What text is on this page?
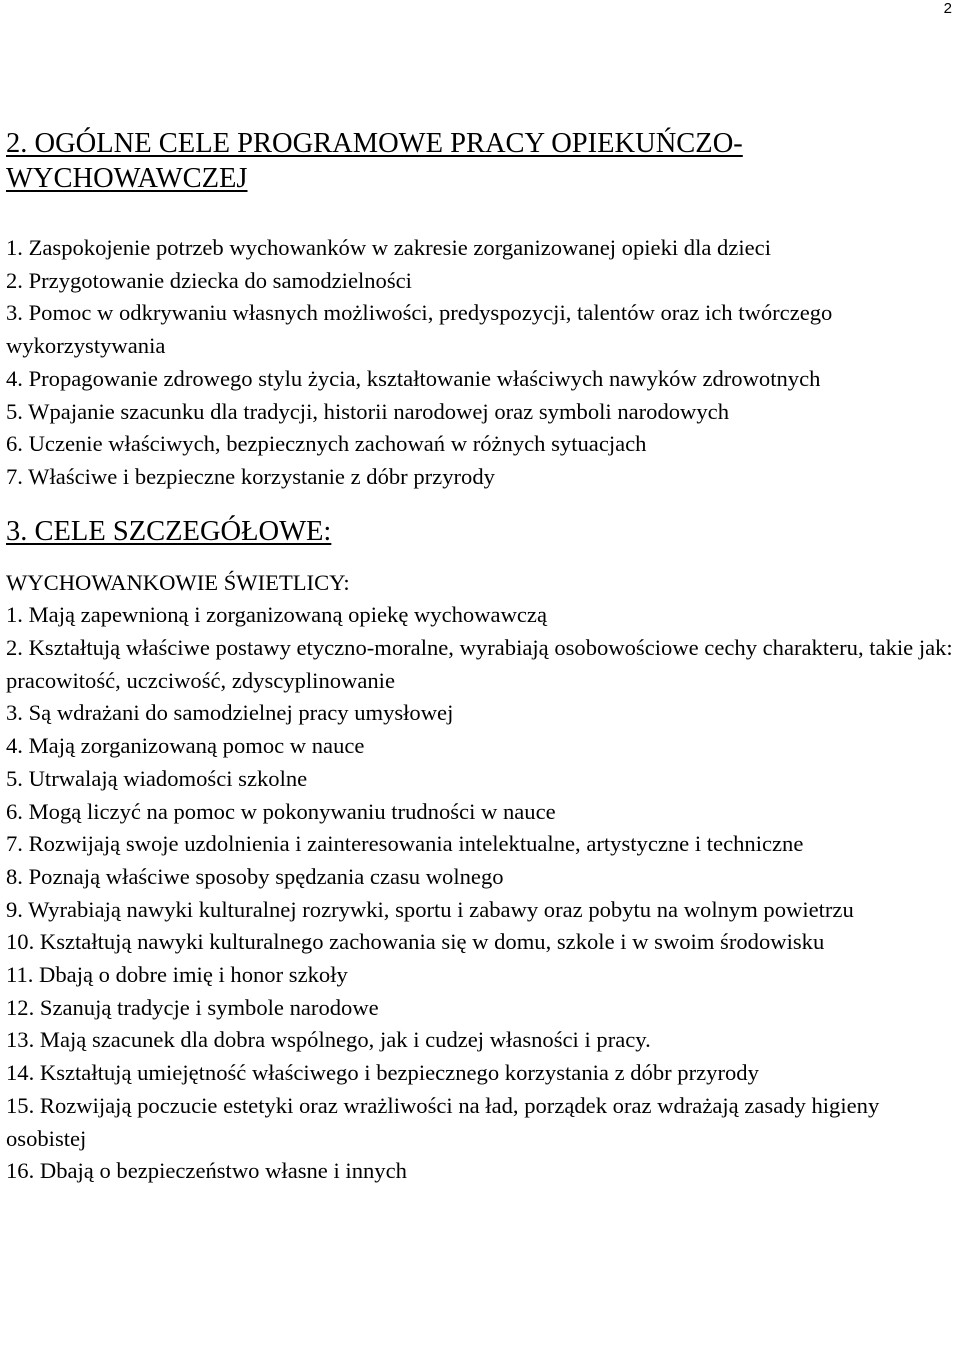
2
2. OGÓLNE CELE PROGRAMOWE PRACY OPIEKUŃCZO-
WYCHOWAWCZEJ

1. Zaspokojenie potrzeb wychowanków w zakresie zorganizowanej opieki dla dzieci

2. Przygotowanie dziecka do samodzielności

3. Pomoc w odkrywaniu własnych możliwości, predyspozycji, talentów oraz ich twórczego wykorzystywania

4. Propagowanie zdrowego stylu życia, kształtowanie właściwych nawyków zdrowotnych

5. Wpajanie szacunku dla tradycji, historii narodowej oraz symboli narodowych

6. Uczenie właściwych, bezpiecznych zachowań w różnych sytuacjach

7. Właściwe i bezpieczne korzystanie z dóbr przyrody

3. CELE SZCZEGÓŁOWE:

WYCHOWANKOWIE ŚWIETLICY:

1. Mają zapewnioną i zorganizowaną opiekę wychowawczą

2. Kształtują właściwe postawy etyczno-moralne, wyrabiają osobowościowe cechy charakteru, takie jak: pracowitość, uczciwość, zdyscyplinowanie

3. Są wdrażani do samodzielnej pracy umysłowej

4. Mają zorganizowaną pomoc w nauce

5. Utrwalają wiadomości szkolne

6. Mogą liczyć na pomoc w pokonywaniu trudności w nauce

7. Rozwijają swoje uzdolnienia i zainteresowania intelektualne, artystyczne i techniczne

8. Poznają właściwe sposoby spędzania czasu wolnego

9. Wyrabiają nawyki kulturalnej rozrywki, sportu i zabawy oraz pobytu na wolnym powietrzu

10. Kształtują nawyki kulturalnego zachowania się w domu, szkole i w swoim środowisku

11. Dbają o dobre imię i honor szkoły

12. Szanują tradycje i symbole narodowe

13. Mają szacunek dla dobra wspólnego, jak i cudzej własności i pracy.

14. Kształtują umiejętność właściwego i bezpiecznego korzystania z dóbr przyrody

15. Rozwijają poczucie estetyki oraz wrażliwości na ład, porządek oraz wdrażają zasady higieny osobistej

16. Dbają o bezpieczeństwo własne i innych
